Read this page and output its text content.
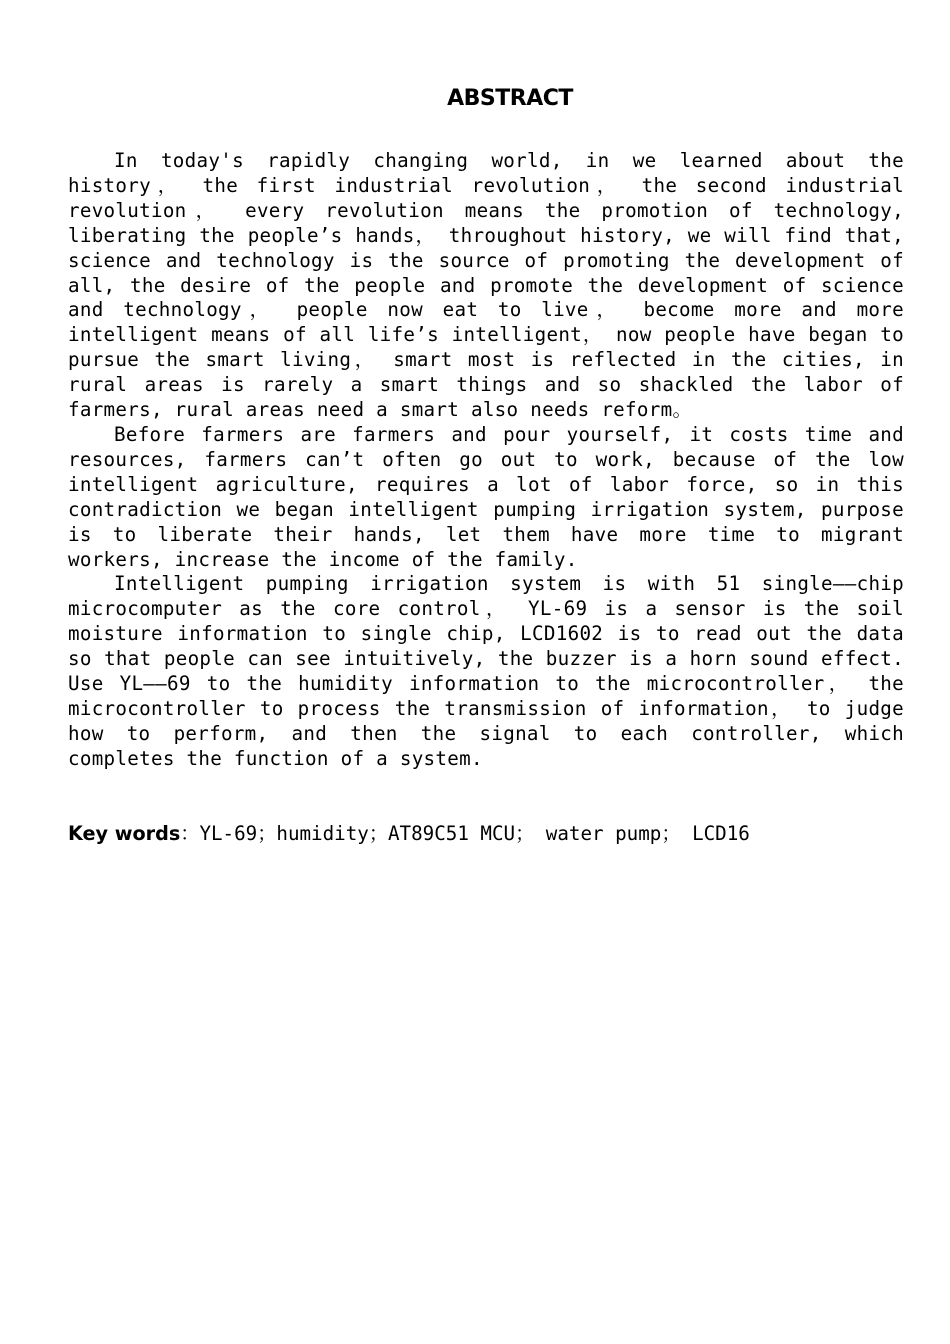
ABSTRACT

In today's rapidly changing world, in we learned about the history， the first industrial revolution， the second industrial revolution， every revolution means the promotion of technology, liberating the people’s hands， throughout history, we will find that, science and technology is the source of promoting the development of all, the desire of the people and promote the development of science and technology， people now eat to live， become more and more intelligent means of all life’s intelligent， now people have began to pursue the smart living， smart most is reflected in the cities, in rural areas is rarely a smart things and so shackled the labor of farmers, rural areas need a smart also needs reform。

Before farmers are farmers and pour yourself, it costs time and resources, farmers can’t often go out to work, because of the low intelligent agriculture, requires a lot of labor force, so in this contradiction we began intelligent pumping irrigation system, purpose is to liberate their hands, let them have more time to migrant workers, increase the income of the family.

Intelligent pumping irrigation system is with 51 single——chip microcomputer as the core control， YL-69 is a sensor is the soil moisture information to single chip, LCD1602 is to read out the data so that people can see intuitively, the buzzer is a horn sound effect. Use YL——69 to the humidity information to the microcontroller， the microcontroller to process the transmission of information， to judge how to perform, and then the signal to each controller, which completes the function of a system.

Key words：YL-69；humidity；AT89C51 MCU； water pump； LCD16
